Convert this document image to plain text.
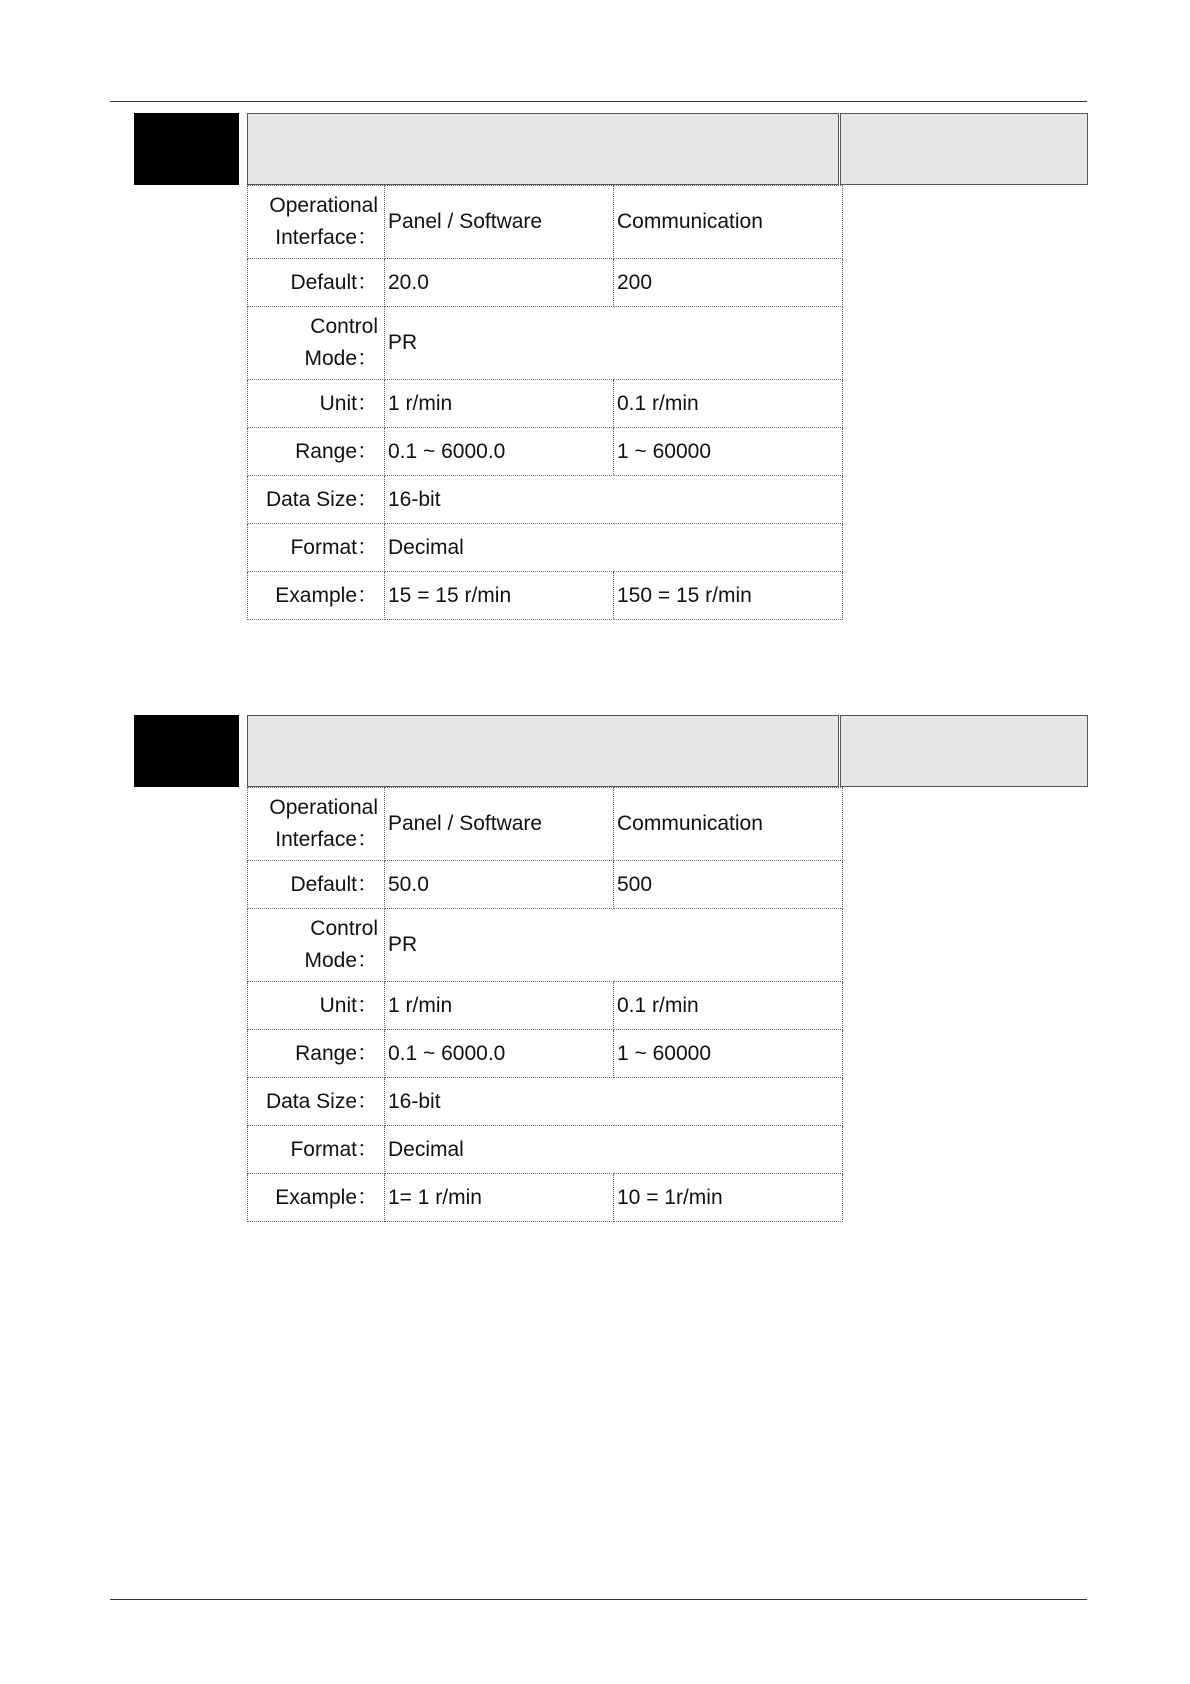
Operational Interface：	Panel / Software	Communication
Default：	20.0	200
Control Mode：	PR	
Unit：	1 r/min	0.1 r/min
Range：	0.1 ~ 6000.0	1 ~ 60000
Data Size：	16-bit	
Format：	Decimal	
Example：	15 = 15 r/min	150 = 15 r/min
Operational Interface：	Panel / Software	Communication
Default：	50.0	500
Control Mode：	PR	
Unit：	1 r/min	0.1 r/min
Range：	0.1 ~ 6000.0	1 ~ 60000
Data Size：	16-bit	
Format：	Decimal	
Example：	1= 1 r/min	10 = 1r/min
